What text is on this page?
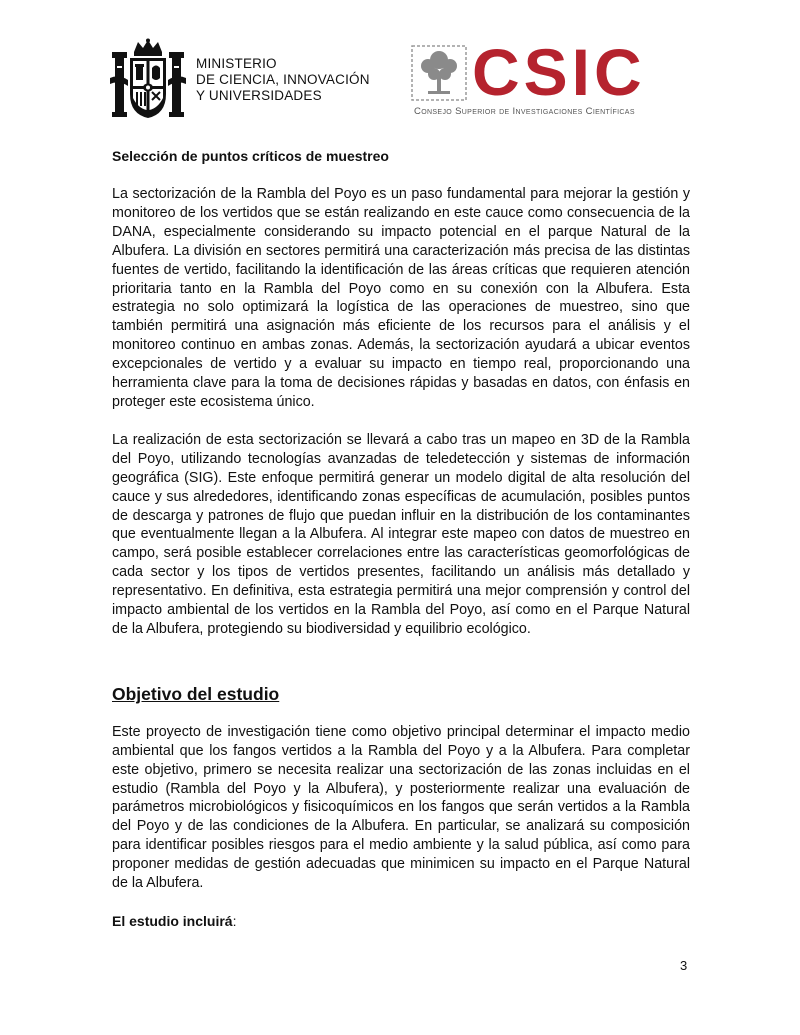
MINISTERIO
DE CIENCIA, INNOVACIÓN
Y UNIVERSIDADES	CSIC
Consejo Superior de Investigaciones Científicas
Selección de puntos críticos de muestreo

La sectorización de la Rambla del Poyo es un paso fundamental para mejorar la gestión y monitoreo de los vertidos que se están realizando en este cauce como consecuencia de la DANA, especialmente considerando su impacto potencial en el parque Natural de la Albufera. La división en sectores permitirá una caracterización más precisa de las distintas fuentes de vertido, facilitando la identificación de las áreas críticas que requieren atención prioritaria tanto en la Rambla del Poyo como en su conexión con la Albufera. Esta estrategia no solo optimizará la logística de las operaciones de muestreo, sino que también permitirá una asignación más eficiente de los recursos para el análisis y el monitoreo continuo en ambas zonas. Además, la sectorización ayudará a ubicar eventos excepcionales de vertido y a evaluar su impacto en tiempo real, proporcionando una herramienta clave para la toma de decisiones rápidas y basadas en datos, con énfasis en proteger este ecosistema único.

La realización de esta sectorización se llevará a cabo tras un mapeo en 3D de la Rambla del Poyo, utilizando tecnologías avanzadas de teledetección y sistemas de información geográfica (SIG). Este enfoque permitirá generar un modelo digital de alta resolución del cauce y sus alrededores, identificando zonas específicas de acumulación, posibles puntos de descarga y patrones de flujo que puedan influir en la distribución de los contaminantes que eventualmente llegan a la Albufera. Al integrar este mapeo con datos de muestreo en campo, será posible establecer correlaciones entre las características geomorfológicas de cada sector y los tipos de vertidos presentes, facilitando un análisis más detallado y representativo. En definitiva, esta estrategia permitirá una mejor comprensión y control del impacto ambiental de los vertidos en la Rambla del Poyo, así como en el Parque Natural de la Albufera, protegiendo su biodiversidad y equilibrio ecológico.

Objetivo del estudio

Este proyecto de investigación tiene como objetivo principal determinar el impacto medio ambiental que los fangos vertidos a la Rambla del Poyo y a la Albufera. Para completar este objetivo, primero se necesita realizar una sectorización de las zonas incluidas en el estudio (Rambla del Poyo y la Albufera), y posteriormente realizar una evaluación de parámetros microbiológicos y fisicoquímicos en los fangos que serán vertidos a la Rambla del Poyo y de las condiciones de la Albufera. En particular, se analizará su composición para identificar posibles riesgos para el medio ambiente y la salud pública, así como para proponer medidas de gestión adecuadas que minimicen su impacto en el Parque Natural de la Albufera.

El estudio incluirá:
3
